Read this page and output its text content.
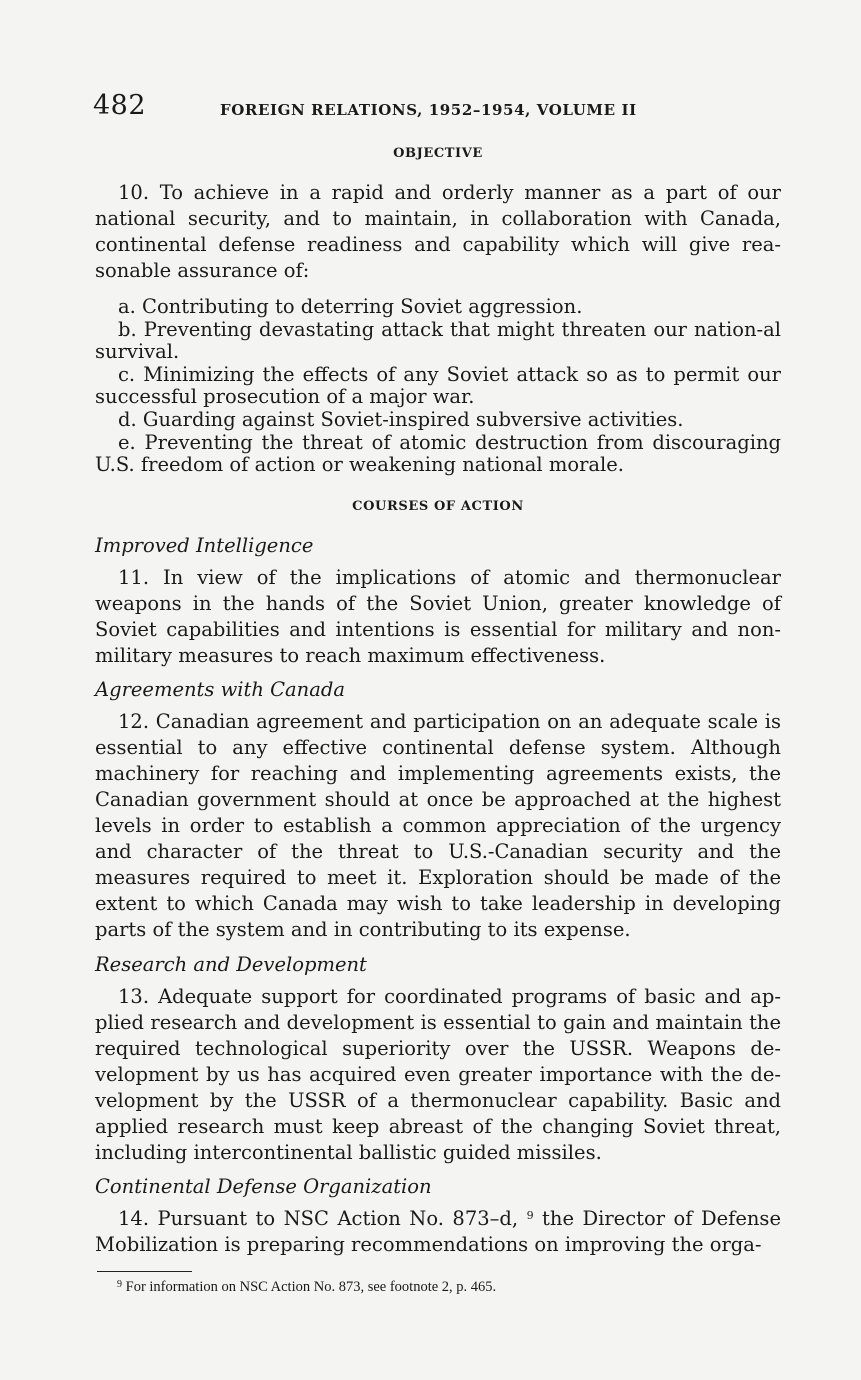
482	FOREIGN RELATIONS, 1952–1954, VOLUME II
OBJECTIVE

10. To achieve in a rapid and orderly manner as a part of our national security, and to maintain, in collaboration with Canada, continental defense readiness and capability which will give rea-sonable assurance of:

a. Contributing to deterring Soviet aggression.

b. Preventing devastating attack that might threaten our nation-al survival.

c. Minimizing the effects of any Soviet attack so as to permit our successful prosecution of a major war.

d. Guarding against Soviet-inspired subversive activities.

e. Preventing the threat of atomic destruction from discouraging U.S. freedom of action or weakening national morale.

COURSES OF ACTION
Improved Intelligence

11. In view of the implications of atomic and thermonuclear weapons in the hands of the Soviet Union, greater knowledge of Soviet capabilities and intentions is essential for military and non-military measures to reach maximum effectiveness.

Agreements with Canada

12. Canadian agreement and participation on an adequate scale is essential to any effective continental defense system. Although machinery for reaching and implementing agreements exists, the Canadian government should at once be approached at the highest levels in order to establish a common appreciation of the urgency and character of the threat to U.S.-Canadian security and the measures required to meet it. Exploration should be made of the extent to which Canada may wish to take leadership in developing parts of the system and in contributing to its expense.

Research and Development

13. Adequate support for coordinated programs of basic and ap-plied research and development is essential to gain and maintain the required technological superiority over the USSR. Weapons de-velopment by us has acquired even greater importance with the de-velopment by the USSR of a thermonuclear capability. Basic and applied research must keep abreast of the changing Soviet threat, including intercontinental ballistic guided missiles.

Continental Defense Organization

14. Pursuant to NSC Action No. 873–d, $^9$ the Director of Defense Mobilization is preparing recommendations on improving the orga-

$^9$ For information on NSC Action No. 873, see footnote 2, p. 465.
